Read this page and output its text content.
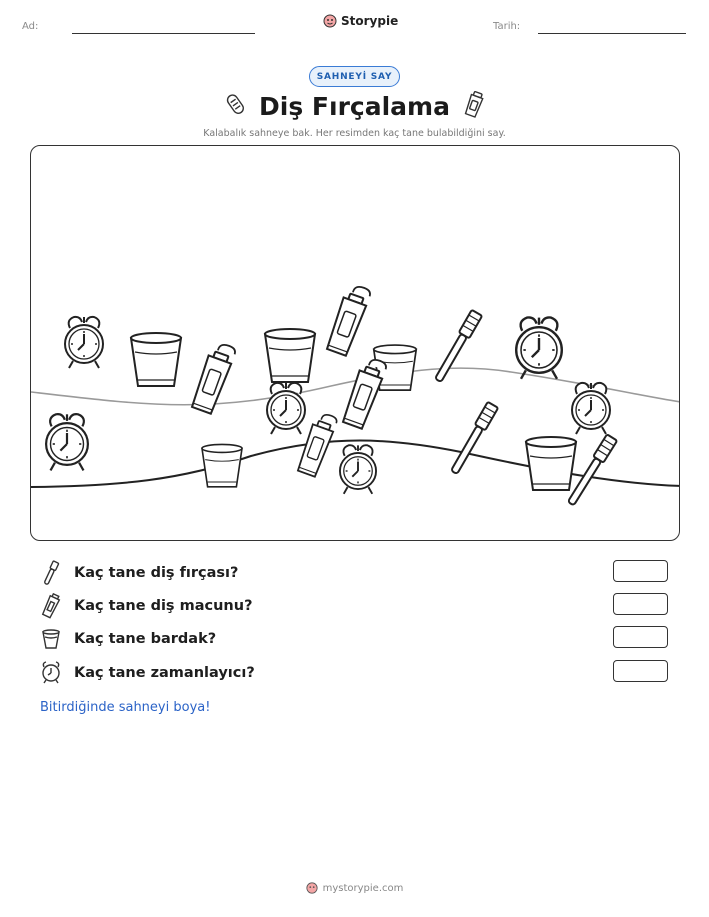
Ad:	Storypie	Tarih:
SAHNEYİ SAY
Diş Fırçalama
Kalabalık sahneye bak. Her resimden kaç tane bulabildiğini say.
Kaç tane diş fırçası?
Kaç tane diş macunu?
Kaç tane bardak?
Kaç tane zamanlayıcı?
Bitirdiğinde sahneyi boya!
mystorypie.com
